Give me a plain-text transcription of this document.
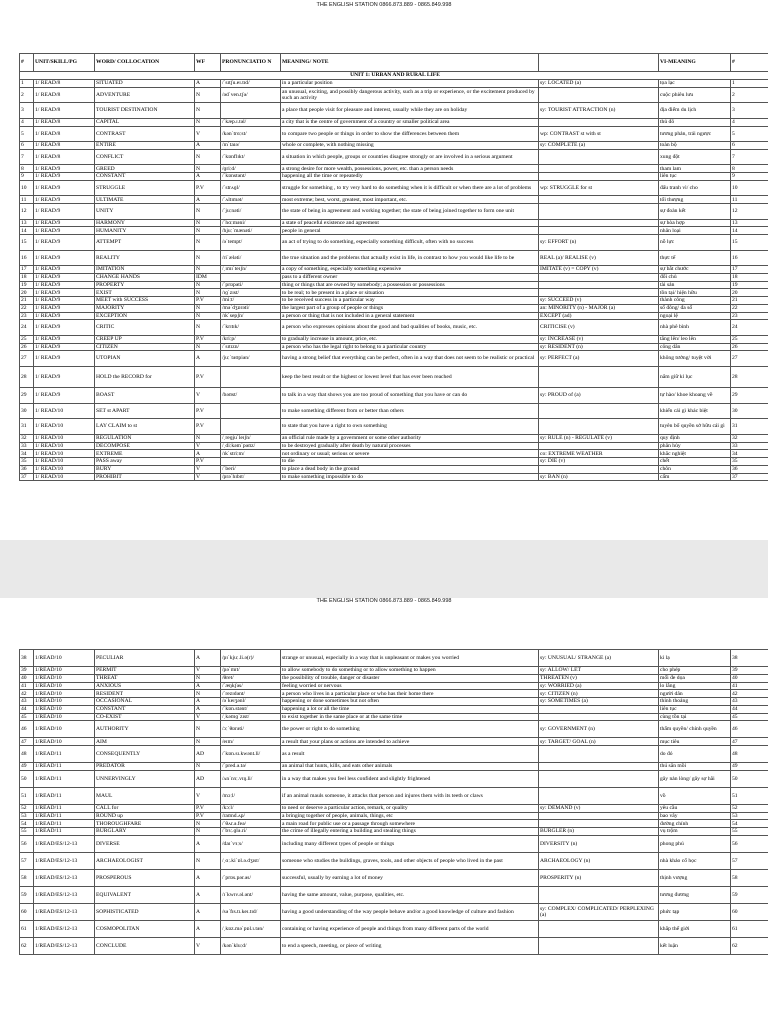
THE ENGLISH STATION 0866.873.889 - 0865.849.998
#	UNIT/SKILL/PG	WORD/ COLLOCATION	WF	PRONUNCIATIO N	MEANING/ NOTE		VI-MEANING	#
UNIT 1: URBAN AND RURAL LIFE								
1	1/ READ/8	SITUATED	A	/ˈsɪtʃu.eɪ.tɪd/	in a particular position	sy: LOCATED (a)	tọa lạc	1
2	1/ READ/8	ADVENTURE	N	/ədˈven.tʃə/	an unusual, exciting, and possibly dangerous activity, such as a trip or experience, or the excitement produced by such an activity		cuộc phiêu lưu	2
3	1/ READ/8	TOURIST DESTINATION	N		a place that people visit for pleasure and interest, usually while they are on holiday	sy: TOURIST ATTRACTION (n)	địa điểm du lịch	3
4	1/ READ/8	CAPITAL	N	/ˈkæp.ɪ.təl/	a city that is the centre of government of a country or smaller political area		thủ đô	4
5	1/ READ/8	CONTRAST	V	/kənˈtrɑːst/	to compare two people or things in order to show the differences between them	wp: CONTRAST st with st	tương phản, trái ngược	5
6	1/ READ/8	ENTIRE	A	/ɪnˈtaɪə/	whole or complete, with nothing missing	sy: COMPLETE (a)	toàn bộ	6
7	1/ READ/8	CONFLICT	N	/ˈkɒnflɪkt/	a situation in which people, groups or countries disagree strongly or are involved in a serious argument		xung đột	7
8	1/ READ/9	GREED	N	/ɡriːd/	a strong desire for more wealth, possessions, power, etc. than a person needs		tham lam	8
9	1/ READ/9	CONSTANT	A	/ˈkɒnstənt/	happening all the time or repeatedly		liên tục	9
10	1/ READ/9	STRUGGLE	P.V	/ˈstrʌɡl/	struggle for something , to try very hard to do something when it is difficult or when there are a lot of problems	wp: STRUGGLE for st	đấu tranh vì/ cho	10
11	1/ READ/9	ULTIMATE	A	/ˈʌltɪmət/	most extreme; best, worst, greatest, most important, etc.		tối thượng	11
12	1/ READ/9	UNITY	N	/ˈjuːnəti/	the state of being in agreement and working together; the state of being joined together to form one unit		sự đoàn kết	12
13	1/ READ/9	HARMONY	N	/ˈhɑːməni/	a state of peaceful existence and agreement		sự hòa hợp	13
14	1/ READ/9	HUMANITY	N	/hjuːˈmænəti/	people in general		nhân loại	14
15	1/ READ/9	ATTEMPT	N	/əˈtempt/	an act of trying to do something, especially something difficult, often with no success	sy: EFFORT (n)	nỗ lực	15
16	1/ READ/9	REALITY	N	/riˈæləti/	the true situation and the problems that actually exist in life, in contrast to how you would like life to be	REAL (a)/ REALISE (v)	thực tế	16
17	1/ READ/9	IMITATION	N	/ˌɪmɪˈteɪʃn/	a copy of something, especially something expensive	IMITATE (v) = COPY (v)	sự bắt chước	17
18	1/ READ/9	CHANGE HANDS	IDM		pass to a different owner		đổi chủ	18
19	1/ READ/9	PROPERTY	N	/ˈprɒpəti/	thing or things that are owned by somebody; a possession or possessions		tài sản	19
20	1/ READ/9	EXIST	N	/ɪɡˈzɪst/	to be real; to be present in a place or situation		tồn tại/ hiện hữu	20
21	1/ READ/9	MEET with SUCCESS	P.V	/miːt/	to be received success in a particular way	sy: SUCCEED (v)	thành công	21
22	1/ READ/9	MAJORITY	N	/məˈdʒɒrəti/	the largest part of a group of people or things	an: MINORITY (n) - MAJOR (a)	số đông/ đa số	22
23	1/ READ/9	EXCEPTION	N	/ɪkˈsepʃn/	a person or thing that is not included in a general statement	EXCEPT (ad)	ngoại lệ	23
24	1/ READ/9	CRITIC	N	/ˈkrɪtɪk/	a person who expresses opinions about the good and bad qualities of books, music, etc.	CRITICISE (v)	nhà phê bình	24
25	1/ READ/9	CREEP UP	P.V	/kriːp/	to gradually increase in amount, price, etc.	sy: INCREASE (v)	tăng lên/ leo lên	25
26	1/ READ/9	CITIZEN	N	/ˈsɪtɪzn/	a person who has the legal right to belong to a particular country	sy: RESIDENT (n)	công dân	26
27	1/ READ/9	UTOPIAN	A	/juːˈtəʊpiən/	having a strong belief that everything can be perfect, often in a way that does not seem to be realistic or practical	sy: PERFECT (a)	không tưởng/ tuyệt vời	27
28	1/ READ/9	HOLD the RECORD for	P.V		keep the best result or the highest or lowest level that has ever been reached		nắm giữ kỉ lục	28
29	1/ READ/9	BOAST	V	/bəʊst/	to talk in a way that shows you are too proud of something that you have or can do	sy: PROUD of (a)	tự hào/ khoe khoang về	29
30	1/ READ/10	SET st APART	P.V		to make something different from or better than others		khiến cái gì khác biệt	30
31	1/ READ/10	LAY CLAIM to st	P.V		to state that you have a right to own something		tuyên bố quyền sở hữu cái gì	31
32	1/ READ/10	REGULATION	N	/ˌreɡjuˈleɪʃn/	an official rule made by a government or some other authority	sy: RULE (n) - REGULATE (v)	quy định	32
33	1/ READ/10	DECOMPOSE	V	/ˌdiːkəmˈpəʊz/	to be destroyed gradually after death by natural processes		phân hủy	33
34	1/ READ/10	EXTREME	A	/ɪkˈstriːm/	not ordinary or usual; serious or severe	co: EXTREME WEATHER	khắc nghiệt	34
35	1/ READ/10	PASS away	P.V		to die	sy: DIE (v)	chết	35
36	1/ READ/10	BURY	V	/ˈberi/	to place a dead body in the ground		chôn	36
37	1/ READ/10	PROHIBIT	V	/prəˈhɪbɪt/	to make something impossible to do	sy: BAN (n)	cấm	37
THE ENGLISH STATION 0866.873.889 - 0865.849.998
38	1/READ/10	PECULIAR	A	/pɪˈkjuː.li.ə(r)/	strange or unusual, especially in a way that is unpleasant or makes you worried	sy: UNUSUAL/ STRANGE (a)	kì lạ	38
39	1/READ/10	PERMIT	V	/pəˈmɪt/	to allow somebody to do something or to allow something to happen	sy: ALLOW/ LET	cho phép	39
40	1/READ/10	THREAT	N	/θret/	the possibility of trouble, danger or disaster	THREATEN (v)	mối đe dọa	40
41	1/READ/10	ANXIOUS	A	/ˈæŋkʃəs/	feeling worried or nervous	sy: WORRIED (a)	lo lắng	41
42	1/READ/10	RESIDENT	N	/ˈrezɪdənt/	a person who lives in a particular place or who has their home there	sy: CITIZEN (n)	người dân	42
43	1/READ/10	OCCASIONAL	A	/əˈkeɪʒənl/	happening or done sometimes but not often	sy: SOMETIMES (a)	thỉnh thoảng	43
44	1/READ/10	CONSTANT	A	/ˈkɒn.stənt/	happening a lot or all the time		liên tục	44
45	1/READ/10	CO-EXIST	V	/ˌkəʊɪɡˈzɪst/	to exist together in the same place or at the same time		cùng tồn tại	45
46	1/READ/10	AUTHORITY	N	/ɔːˈθɒrəti/	the power or right to do something	sy: GOVERNMENT (n)	thẩm quyền/ chính quyền	46
47	1/READ/10	AIM	N	/eɪm/	a result that your plans or actions are intended to achieve	sy: TARGET/ GOAL (n)	mục tiêu	47
48	1/READ/11	CONSEQUENTLY	AD	/ˈkɒn.sɪ.kwənt.li/	as a result		do đó	48
49	1/READ/11	PREDATOR	N	/ˈpred.ə.tə/	an animal that hunts, kills, and eats other animals		thú săn mồi	49
50	1/READ/11	UNNERVINGLY	AD	/ʌnˈnɜː.vɪŋ.li/	in a way that makes you feel less confident and slightly frightened		gây nản lòng/ gây sợ hãi	50
51	1/READ/11	MAUL	V	/mɔːl/	if an animal mauls someone, it attacks that person and injures them with its teeth or claws		vồ	51
52	1/READ/11	CALL for	P.V	/kɔːl/	to need or deserve a particular action, remark, or quality	sy: DEMAND (v)	yêu cầu	52
53	1/READ/11	ROUND up	P.V	/raʊnd.ʌp/	a bringing together of people, animals, things, etc		bao vây	53
54	1/READ/11	THOROUGHFARE	N	/ˈθʌr.ə.feə/	a main road for public use or a passage through somewhere		đường chính	54
55	1/READ/11	BURGLARY	N	/ˈbɜː.ɡlə.ri/	the crime of illegally entering a building and stealing things	BURGLER (n)	vụ trộm	55
56	1/READ/ES/12-13	DIVERSE	A	/daɪˈvɜːs/	including many different types of people or things	DIVERSITY (n)	phong phú	56
57	1/READ/ES/12-13	ARCHAEOLOGIST	N	/ˌɑː.kiˈɒl.ə.dʒɪst/	someone who studies the buildings, graves, tools, and other objects of people who lived in the past	ARCHAEOLOGY (n)	nhà khảo cổ học	57
58	1/READ/ES/12-13	PROSPEROUS	A	/ˈprɒs.pər.əs/	successful, usually by earning a lot of money	PROSPERITY (n)	thịnh vượng	58
59	1/READ/ES/12-13	EQUIVALENT	A	/ɪˈkwɪv.əl.ənt/	having the same amount, value, purpose, qualities, etc.		tương đương	59
60	1/READ/ES/12-13	SOPHISTICATED	A	/səˈfɪs.tɪ.keɪ.tɪd/	having a good understanding of the way people behave and/or a good knowledge of culture and fashion	sy: COMPLEX/ COMPLICATED/ PERPLEXING (a)	phức tạp	60
61	1/READ/ES/12-13	COSMOPOLITAN	A	/ˌkɒz.məˈpɒl.ɪ.tən/	containing or having experience of people and things from many different parts of the world		khắp thế giới	61
62	1/READ/ES/12-13	CONCLUDE	V	/kənˈkluːd/	to end a speech, meeting, or piece of writing		kết luận	62
